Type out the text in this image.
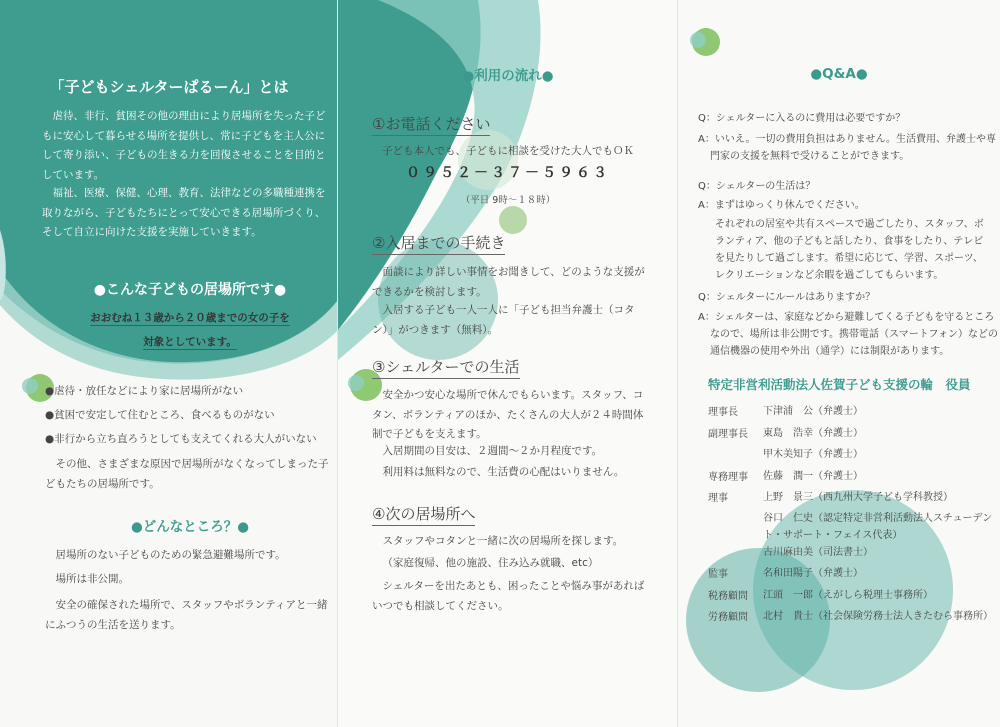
「子どもシェルターぱるーん」とは
虐待、非行、貧困その他の理由により居場所を失った子どもに安心して暮らせる場所を提供し、常に子どもを主人公にして寄り添い、子どもの生きる力を回復させることを目的としています。
福祉、医療、保健、心理、教育、法律などの多職種連携を取りながら、子どもたちにとって安心できる居場所づくり、そして自立に向けた支援を実施していきます。
●こんな子どもの居場所です●
おおむね１３歳から２０歳までの女の子を
対象としています。
●虐待・放任などにより家に居場所がない
●貧困で安定して住むところ、食べるものがない
●非行から立ち直ろうとしても支えてくれる大人がいない
その他、さまざまな原因で居場所がなくなってしまった子どもたちの居場所です。
●どんなところ？●
居場所のない子どものための緊急避難場所です。
場所は非公開。
安全の確保された場所で、スタッフやボランティアと一緒にふつうの生活を送ります。
●利用の流れ●
①お電話ください
子ども本人でも、子どもに相談を受けた大人でもＯＫ
０９５２－３７－５９６３
（平日 9時～１８時）
②入居までの手続き
面談により詳しい事情をお聞きして、どのような支援ができるかを検討します。
入居する子ども一人一人に「子ども担当弁護士（コタン）」がつきます（無料）。
③シェルターでの生活
安全かつ安心な場所で休んでもらいます。スタッフ、コタン、ボランティアのほか、たくさんの大人が２４時間体制で子どもを支えます。
入居期間の目安は、２週間～２か月程度です。
利用料は無料なので、生活費の心配はいりません。
④次の居場所へ
スタッフやコタンと一緒に次の居場所を探します。
（家庭復帰、他の施設、住み込み就職、etc）
シェルターを出たあとも、困ったことや悩み事があればいつでも相談してください。
●Q&A●
Q：シェルターに入るのに費用は必要ですか？
A：いいえ。一切の費用負担はありません。生活費用、弁護士や専門家の支援を無料で受けることができます。
Q：シェルターの生活は？
A：まずはゆっくり休んでください。
それぞれの居室や共有スペースで過ごしたり、スタッフ、ボランティア、他の子どもと話したり、食事をしたり、テレビを見たりして過ごします。希望に応じて、学習、スポーツ、レクリエーションなど余暇を過ごしてもらいます。
Q：シェルターにルールはありますか？
A：シェルターは、家庭などから避難してくる子どもを守るところなので、場所は非公開です。携帯電話（スマートフォン）などの通信機器の使用や外出（通学）には制限があります。
特定非営利活動法人佐賀子ども支援の輪　役員
理事長	下津浦　公（弁護士）
副理事長 東島　浩幸（弁護士）
甲木美知子（弁護士）
専務理事 佐藤　潤一（弁護士）
理事	上野　景三（西九州大学子ども学科教授）
谷口　仁史（認定特定非営利活動法人スチューデント・サポート・フェイス代表）
古川麻由美（司法書士）
監事	名和田陽子（弁護士）
税務顧問 江頭　一郎（えがしら税理士事務所）
労務顧問 北村　貴士（社会保険労務士法人きたむら事務所）
